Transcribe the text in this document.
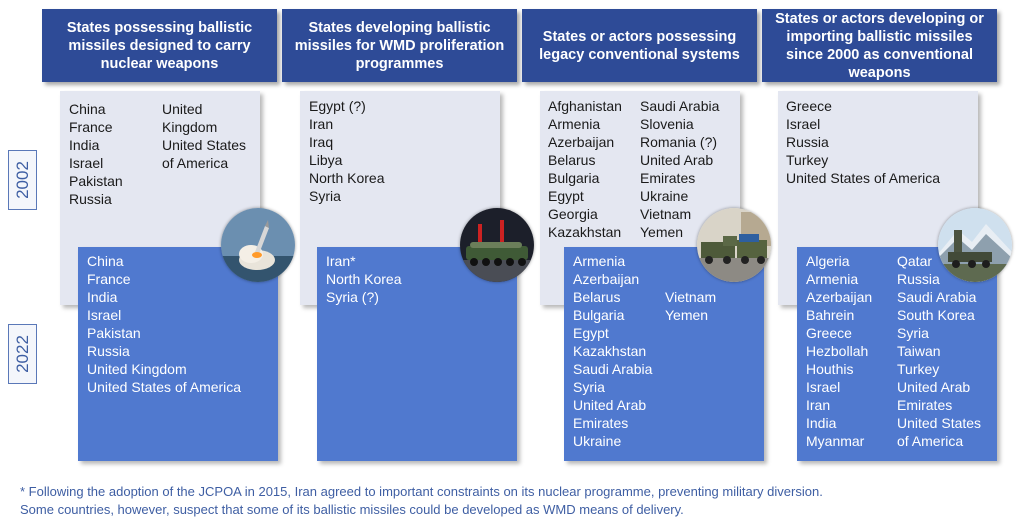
States possessing ballistic missiles designed to carry nuclear weapons
States developing ballistic missiles for WMD proliferation programmes
States or actors possessing legacy conventional systems
States or actors developing or importing ballistic missiles since 2000 as conventional weapons
2002
2022
China
France
India
Israel
Pakistan
Russia
United
Kingdom
United States
of America
Egypt (?)
Iran
Iraq
Libya
North Korea
Syria
Afghanistan
Armenia
Azerbaijan
Belarus
Bulgaria
Egypt
Georgia
Kazakhstan
Saudi Arabia
Slovenia
Romania (?)
United Arab
Emirates
Ukraine
Vietnam
Yemen
Greece
Israel
Russia
Turkey
United States of America
China
France
India
Israel
Pakistan
Russia
United Kingdom
United States of America
Iran*
North Korea
Syria (?)
Armenia
Azerbaijan
Belarus
Bulgaria
Egypt
Kazakhstan
Saudi Arabia
Syria
United Arab
Emirates
Ukraine
Vietnam
Yemen
Algeria
Armenia
Azerbaijan
Bahrein
Greece
Hezbollah
Houthis
Israel
Iran
India
Myanmar
Qatar
Russia
Saudi Arabia
South Korea
Syria
Taiwan
Turkey
United Arab
Emirates
United States
of America
* Following the adoption of the JCPOA in 2015, Iran agreed to important constraints on its nuclear programme, preventing military diversion.
Some countries, however, suspect that some of its ballistic missiles could be developed as WMD means of delivery.
